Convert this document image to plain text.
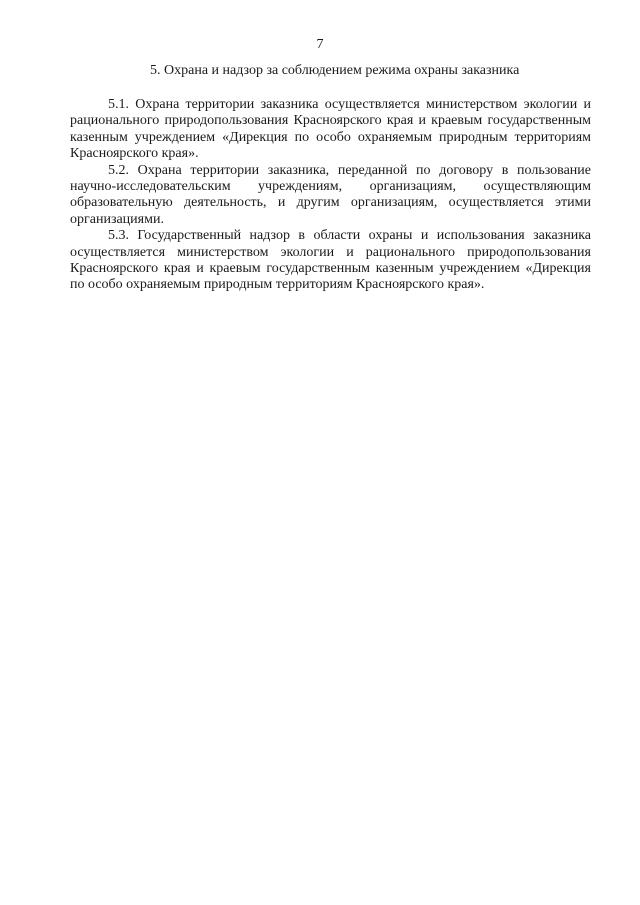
7
5. Охрана и надзор за соблюдением режима охраны заказника

5.1. Охрана территории заказника осуществляется министерством экологии и рационального природопользования Красноярского края и краевым государственным казенным учреждением «Дирекция по особо охраняемым природным территориям Красноярского края».

5.2. Охрана территории заказника, переданной по договору в пользование научно-исследовательским учреждениям, организациям, осуществляющим образовательную деятельность, и другим организациям, осуществляется этими организациями.

5.3. Государственный надзор в области охраны и использования заказника осуществляется министерством экологии и рационального природопользования Красноярского края и краевым государственным казенным учреждением «Дирекция по особо охраняемым природным территориям Красноярского края».
